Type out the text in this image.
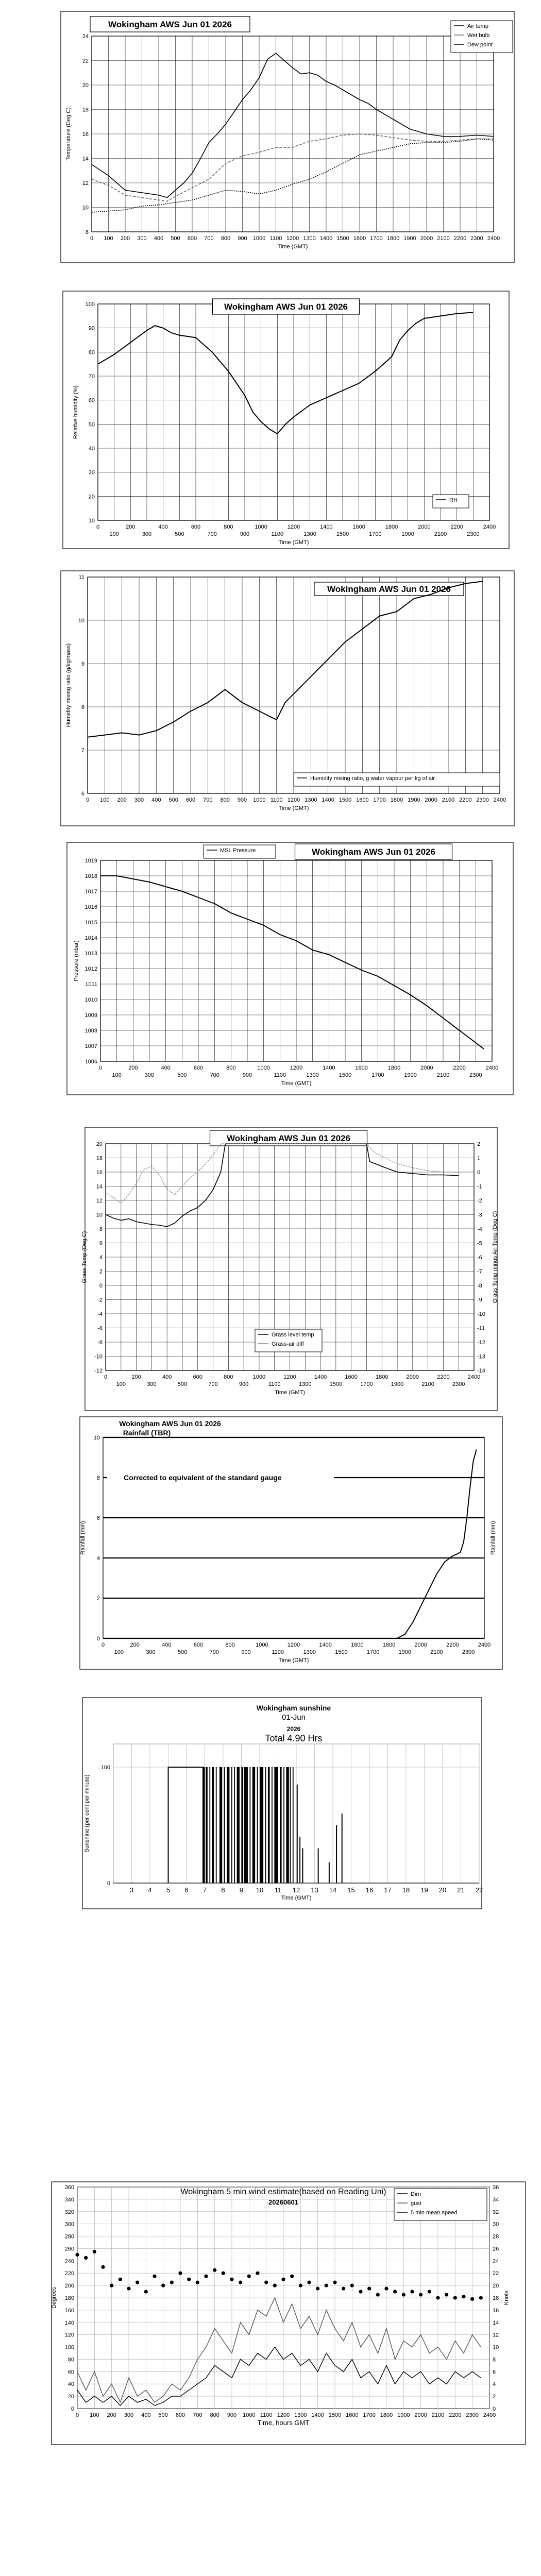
8
10
12
14
16
18
20
22
24
0 100 200 300 400 500 600 700 800 900 1000 1100 1200 1300 1400 1500 1600 1700 1800 1900 2000 2100 2200 2300 2400
Time (GMT)
Temperature (Deg C)
Wokingham AWS Jun 01 2026	Air temp
Wet bulb
Dew point
10
20
30
40
50
60
70
80
90
100
0	200	400	600	800	1000	1200	1400	1600	1800	2000	2200	2400
100	300	500	700	900	1100	1300	1500	1700	1900	2100	2300
Time (GMT)
Relative humidity (%)
Wokingham AWS Jun 01 2026
RH
6
7
8
9
10
11
0 100 200 300 400 500 600 700 800 900 1000 1100 1200 1300 1400 1500 1600 1700 1800 1900 2000 2100 2200 2300 2400
Time (GMT)
Humidity mixing ratio (g/kg/mass)
Wokingham AWS Jun 01 2026
Humidity mixing ratio, g water vapour per kg of air
1006
1007
1008
1009
1010
1011
1012
1013
1014
1015
1016
1017
1018
1019
0	200	400	600	800	1000	1200	1400	1600	1800	2000	2200	2400
100	300	500	700	900	1100	1300	1500	1700	1900	2100	2300
Time (GMT)
Pressure (mbar)
Wokingham AWS Jun 01 2026
MSL Pressure
-12
-10
-8
-6
-4
-2
0
2
4
6
8
10
12
14
16
18
20
-14
-13
-12
-11
-10
-9
-8
-7
-6
-5
-4
-3
-2
-1
0
1
2
0	200	400	600	800	1000	1200	1400	1600	1800	2000	2200	2400
100	300	500	700	900	1100	1300	1500	1700	1900	2100	2300
Time (GMT)
Grass Temp (Deg C)	Grass Temp minus Air Temp (Deg C)
Wokingham AWS Jun 01 2026
Grass level temp
Grass-air diff
0
2
4
6
8
10
0	200	400	600	800	1000	1200	1400	1600	1800	2000	2200	2400
100	300	500	700	900	1100	1300	1500	1700	1900	2100	2300
Time (GMT)
Rainfall (mm)	Rainfall (mm)
Wokingham AWS Jun 01 2026
Rainfall (TBR)
Corrected to equivalent of the standard gauge
0
100
3 4 5 6 7 8 9 10 11 12 13 14 15 16 17 18 19 20 21 22
Time (GMT)
Sunshine (per cent per minute)
Wokingham sunshine
01-Jun
2026
Total 4.90 Hrs
0
20
40
60
80
100
120
140
160
180
200
220
240
260
280
300
320
340
360
0
2
4
6
8
10
12
14
16
18
20
22
24
26
28
30
32
34
36
0 100 200 300 400 500 600 700 800 900 1000 1100 1200 1300 1400 1500 1600 1700 1800 1900 2000 2100 2200 2300 2400
Time, hours GMT
Degrees	Knots
Wokingham 5 min wind estimate(based on Reading Uni)
20260601
Dirn
gust
5 min mean speed
